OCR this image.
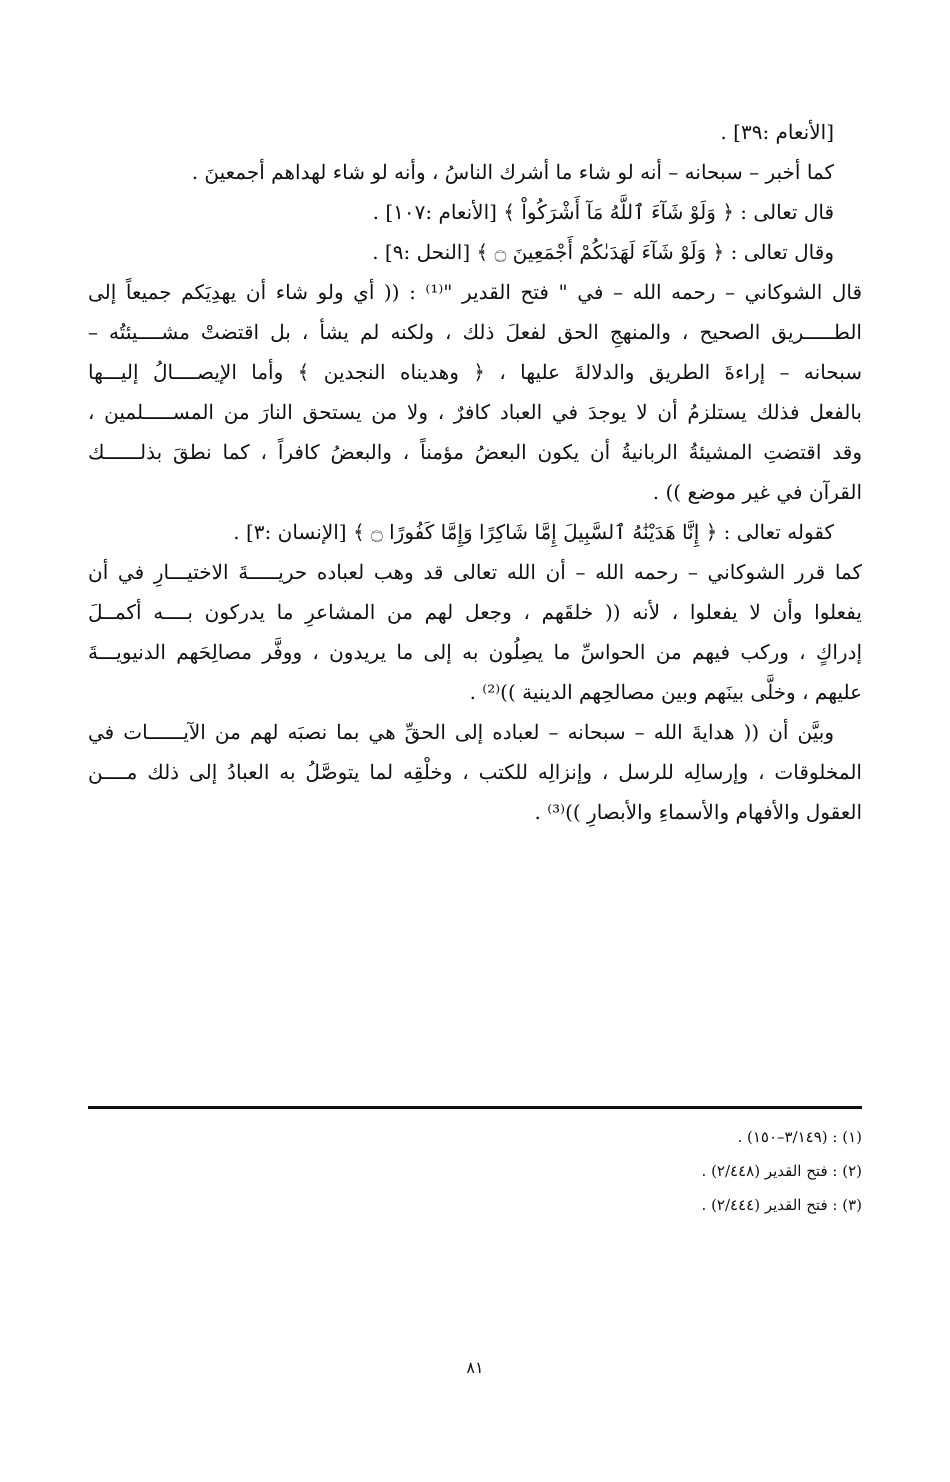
[الأنعام :٣٩] .
كما أخبر – سبحانه – أنه لو شاء ما أشرك الناسُ ، وأنه لو شاء لهداهم أجمعينَ .
قال تعالى : ﴿ وَلَوْ شَآءَ ٱللَّهُ مَآ أَشْرَكُواْ ﴾ [الأنعام :١٠٧] .
وقال تعالى : ﴿ وَلَوْ شَآءَ لَهَدَىٰكُمْ أَجْمَعِينَ ۝ ﴾ [النحل :٩] .
قال الشوكاني – رحمه الله – في " فتح القدير "⁽¹⁾ : (( أي ولو شاء أن يهدِيَكم جميعاً إلى
الطـــــريق الصحيح ، والمنهجِ الحق لفعلَ ذلك ، ولكنه لم يشأ ، بل اقتضتْ مشــــيئتُه –
سبحانه – إراءةَ الطريق والدلالةَ عليها ، ﴿ وهديناه النجدين ﴾ وأما الإيصــــالُ إليـــها
بالفعل فذلك يستلزمُ أن لا يوجدَ في العباد كافرٌ ، ولا من يستحق النارَ من المســـــلمين ،
وقد اقتضتِ المشيئةُ الربانيةُ أن يكون البعضُ مؤمناً ، والبعضُ كافراً ، كما نطقَ بذلــــــك
القرآن في غير موضع )) .
كقوله تعالى : ﴿ إِنَّا هَدَيْنَٰهُ ٱلسَّبِيلَ إِمَّا شَاكِرًا وَإِمَّا كَفُورًا ۝ ﴾ [الإنسان :٣] .
كما قرر الشوكاني – رحمه الله – أن الله تعالى قد وهب لعباده حريـــــةَ الاختيـــارِ في أن
يفعلوا وأن لا يفعلوا ، لأنه (( خلقَهم ، وجعل لهم من المشاعرِ ما يدركون بــــه أكمــلَ
إدراكٍ ، وركب فيهم من الحواسِّ ما يصِلُون به إلى ما يريدون ، ووفَّر مصالِحَهم الدنيويـــةَ
عليهم ، وخلَّى بينَهم وبين مصالحِهم الدينية ))⁽²⁾ .
وبيَّن أن (( هدايةَ الله – سبحانه – لعباده إلى الحقِّ هي بما نصبَه لهم من الآيــــــات في
المخلوقات ، وإرسالِه للرسل ، وإنزالِه للكتب ، وخلْقِه لما يتوصَّلُ به العبادُ إلى ذلك مــــن
العقول والأفهام والأسماءِ والأبصارِ ))⁽³⁾ .
(١) : (٣/١٤٩–١٥٠) .
(٢) : فتح القدير (٢/٤٤٨) .
(٣) : فتح القدير (٢/٤٤٤) .
٨١
